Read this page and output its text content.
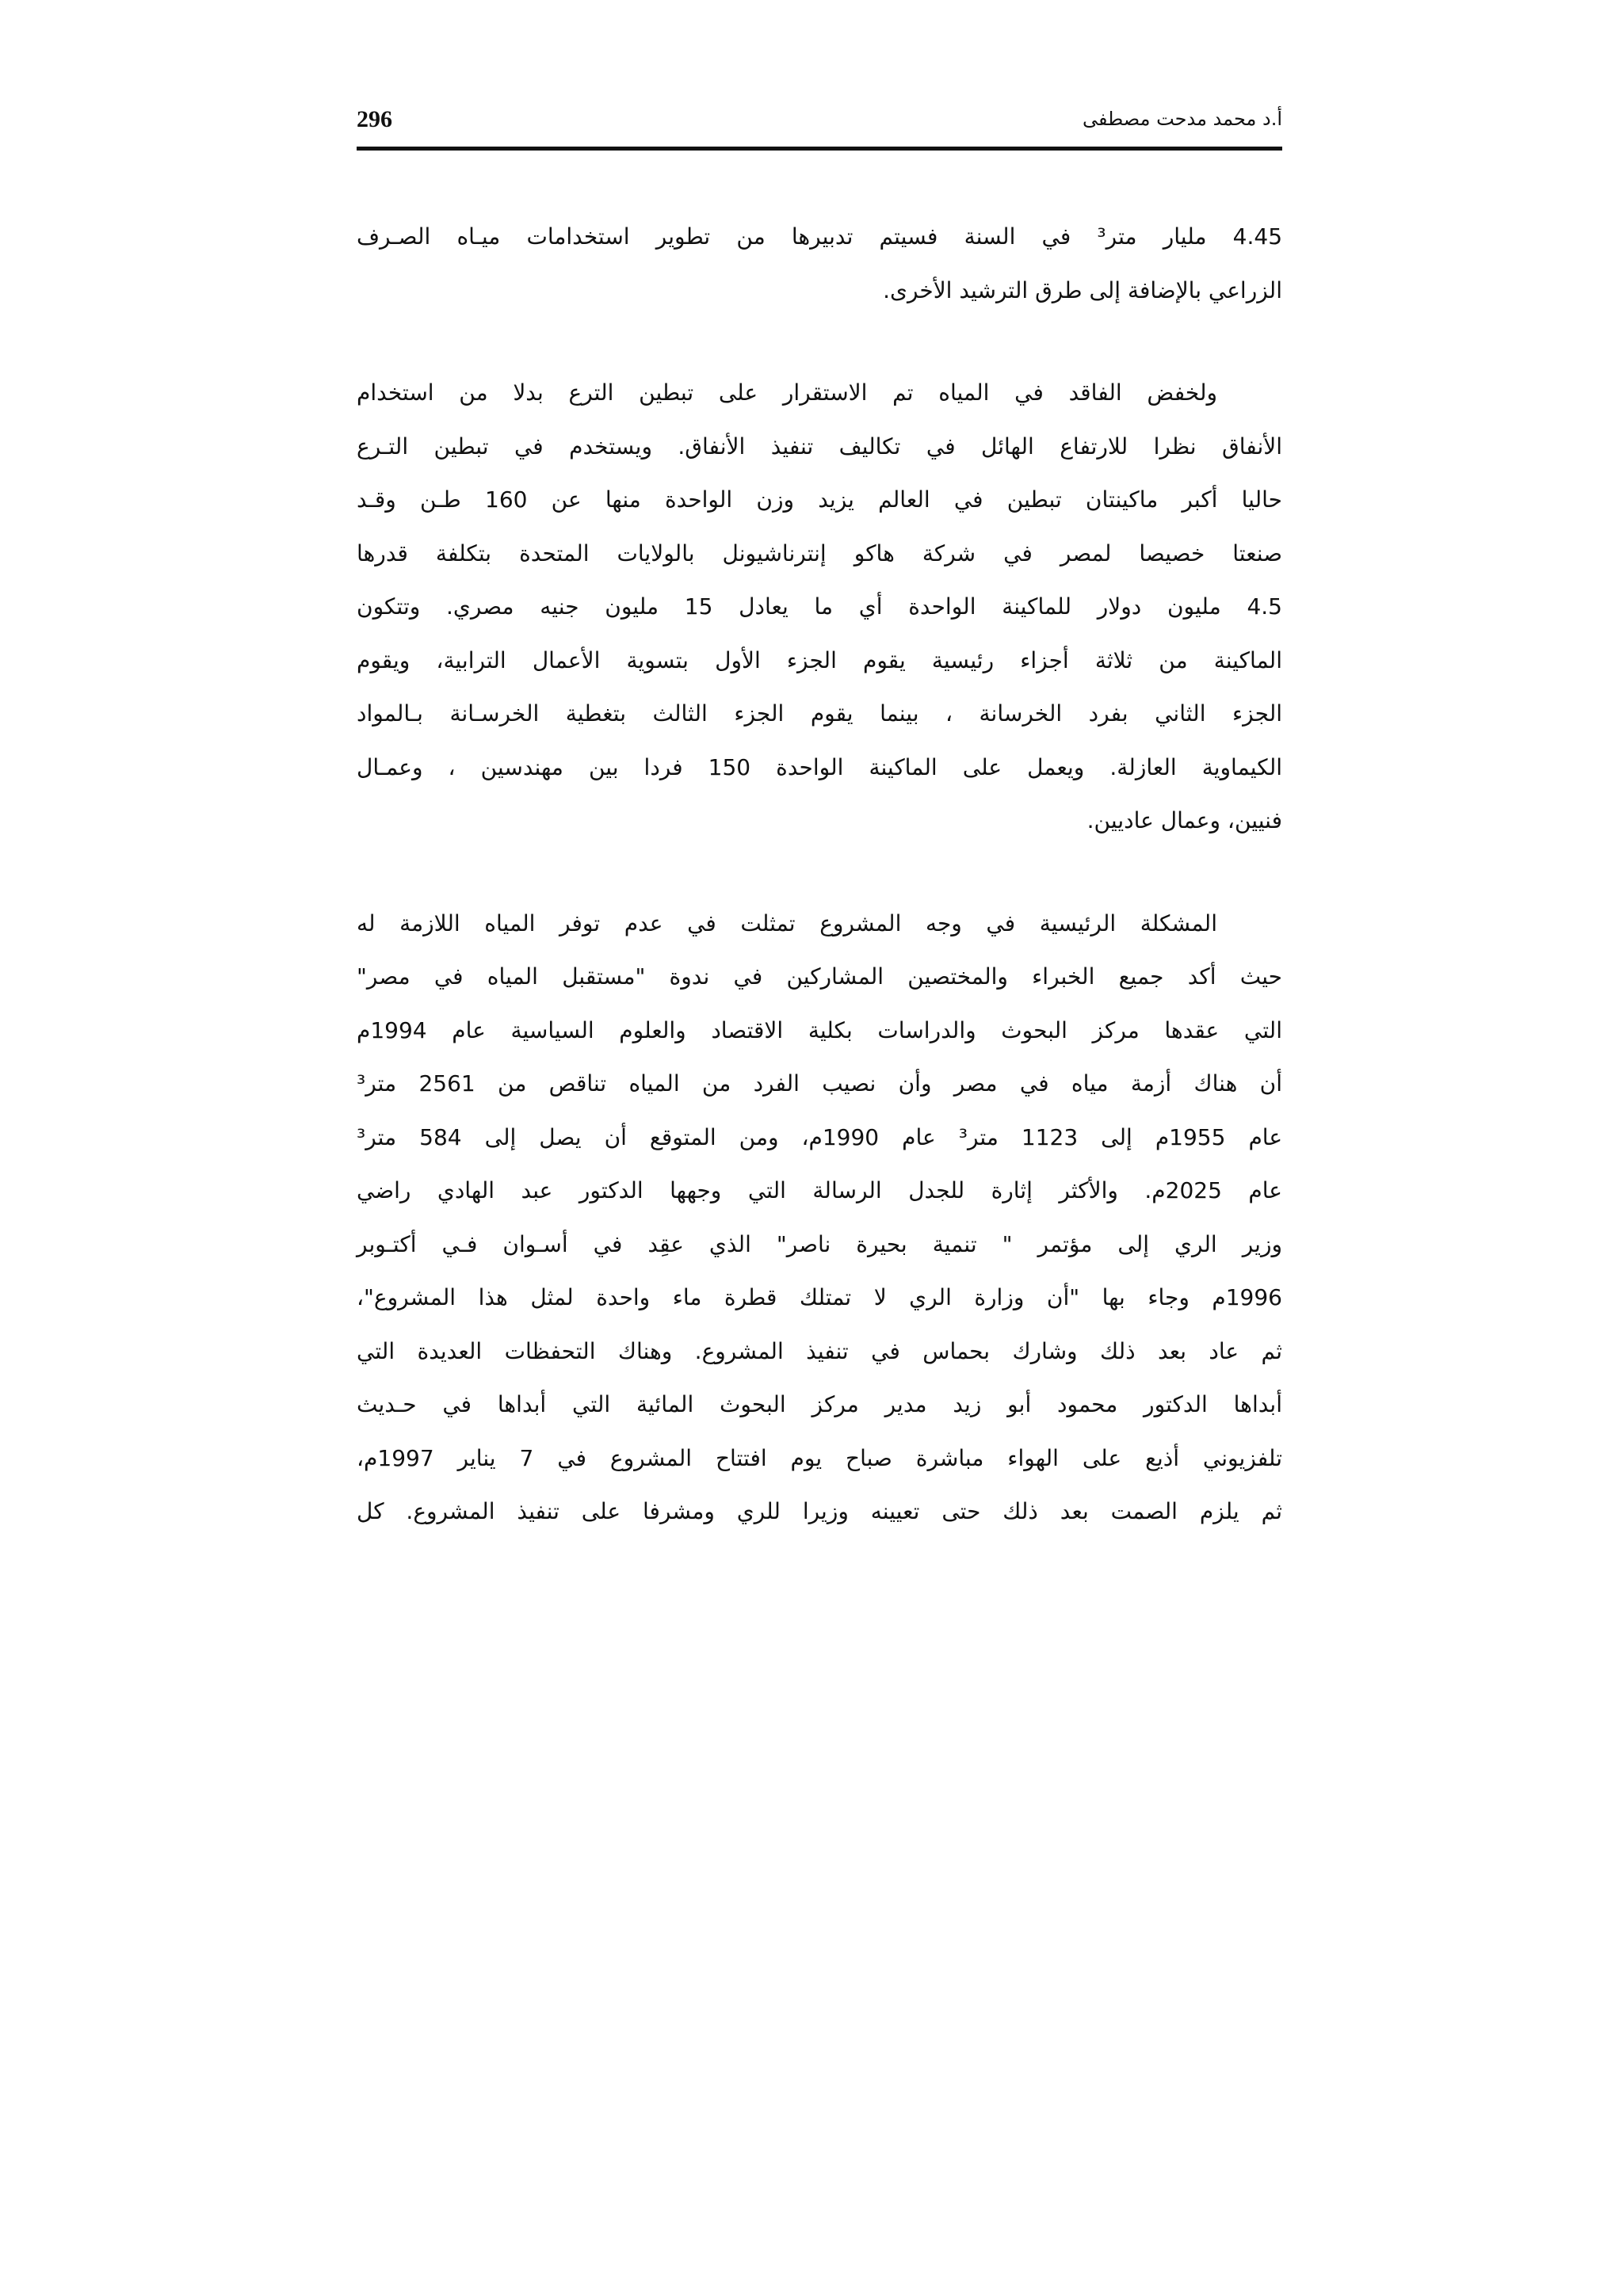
296	أ.د محمد مدحت مصطفى

4.45 مليار متر³ في السنة فسيتم تدبيرها من تطوير استخدامات ميـاه الصـرف
الزراعي بالإضافة إلى طرق الترشيد الأخرى.

ولخفض الفاقد في المياه تم الاستقرار على تبطين الترع بدلا من استخدام
الأنفاق نظرا للارتفاع الهائل في تكاليف تنفيذ الأنفاق. ويستخدم في تبطين التـرع
حاليا أكبر ماكينتان تبطين في العالم يزيد وزن الواحدة منها عن 160 طـن وقـد
صنعتا خصيصا لمصر في شركة هاكو إنترناشيونل بالولايات المتحدة بتكلفة قدرها
4.5 مليون دولار للماكينة الواحدة أي ما يعادل 15 مليون جنيه مصري. وتتكون
الماكينة من ثلاثة أجزاء رئيسية يقوم الجزء الأول بتسوية الأعمال الترابية، ويقوم
الجزء الثاني بفرد الخرسانة ، بينما يقوم الجزء الثالث بتغطية الخرسـانة بـالمواد
الكيماوية العازلة. ويعمل على الماكينة الواحدة 150 فردا بين مهندسين ، وعمـال
فنيين، وعمال عاديين.

المشكلة الرئيسية في وجه المشروع تمثلت في عدم توفر المياه اللازمة له
حيث أكد جميع الخبراء والمختصين المشاركين في ندوة "مستقبل المياه في مصر"
التي عقدها مركز البحوث والدراسات بكلية الاقتصاد والعلوم السياسية عام 1994م
أن هناك أزمة مياه في مصر وأن نصيب الفرد من المياه تناقص من 2561 متر³
عام 1955م إلى 1123 متر³ عام 1990م، ومن المتوقع أن يصل إلى 584 متر³
عام 2025م. والأكثر إثارة للجدل الرسالة التي وجهها الدكتور عبد الهادي راضي
وزير الري إلى مؤتمر " تنمية بحيرة ناصر" الذي عقِد في أسـوان فـي أكتـوبر
1996م وجاء بها "أن وزارة الري لا تمتلك قطرة ماء واحدة لمثل هذا المشروع"،
ثم عاد بعد ذلك وشارك بحماس في تنفيذ المشروع. وهناك التحفظات العديدة التي
أبداها الدكتور محمود أبو زيد مدير مركز البحوث المائية التي أبداها في حـديث
تلفزيوني أذيع على الهواء مباشرة صباح يوم افتتاح المشروع في 7 يناير 1997م،
ثم يلزم الصمت بعد ذلك حتى تعيينه وزيرا للري ومشرفا على تنفيذ المشروع. كل
